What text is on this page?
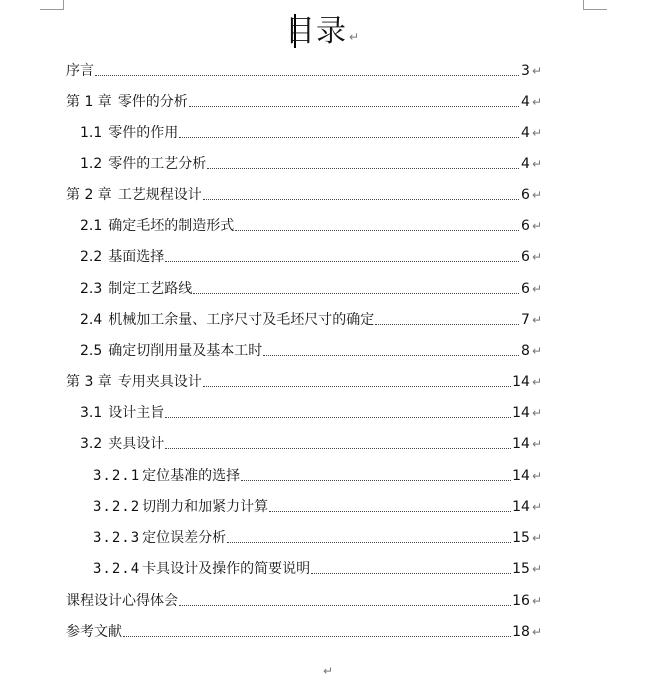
目录 ↵
序言	3 ↵
第 1 章 零件的分析	4 ↵
1.1 零件的作用	4 ↵
1.2 零件的工艺分析	4 ↵
第 2 章 工艺规程设计	6 ↵
2.1 确定毛坯的制造形式	6 ↵
2.2 基面选择	6 ↵
2.3 制定工艺路线	6 ↵
2.4 机械加工余量、工序尺寸及毛坯尺寸的确定	7 ↵
2.5 确定切削用量及基本工时	8 ↵
第 3 章 专用夹具设计	14 ↵
3.1 设计主旨	14 ↵
3.2 夹具设计	14 ↵
3.2.1 定位基准的选择	14 ↵
3.2.2 切削力和加紧力计算	14 ↵
3.2.3 定位误差分析	15 ↵
3.2.4 卡具设计及操作的简要说明	15 ↵
课程设计心得体会	16 ↵
参考文献	18 ↵
↵
